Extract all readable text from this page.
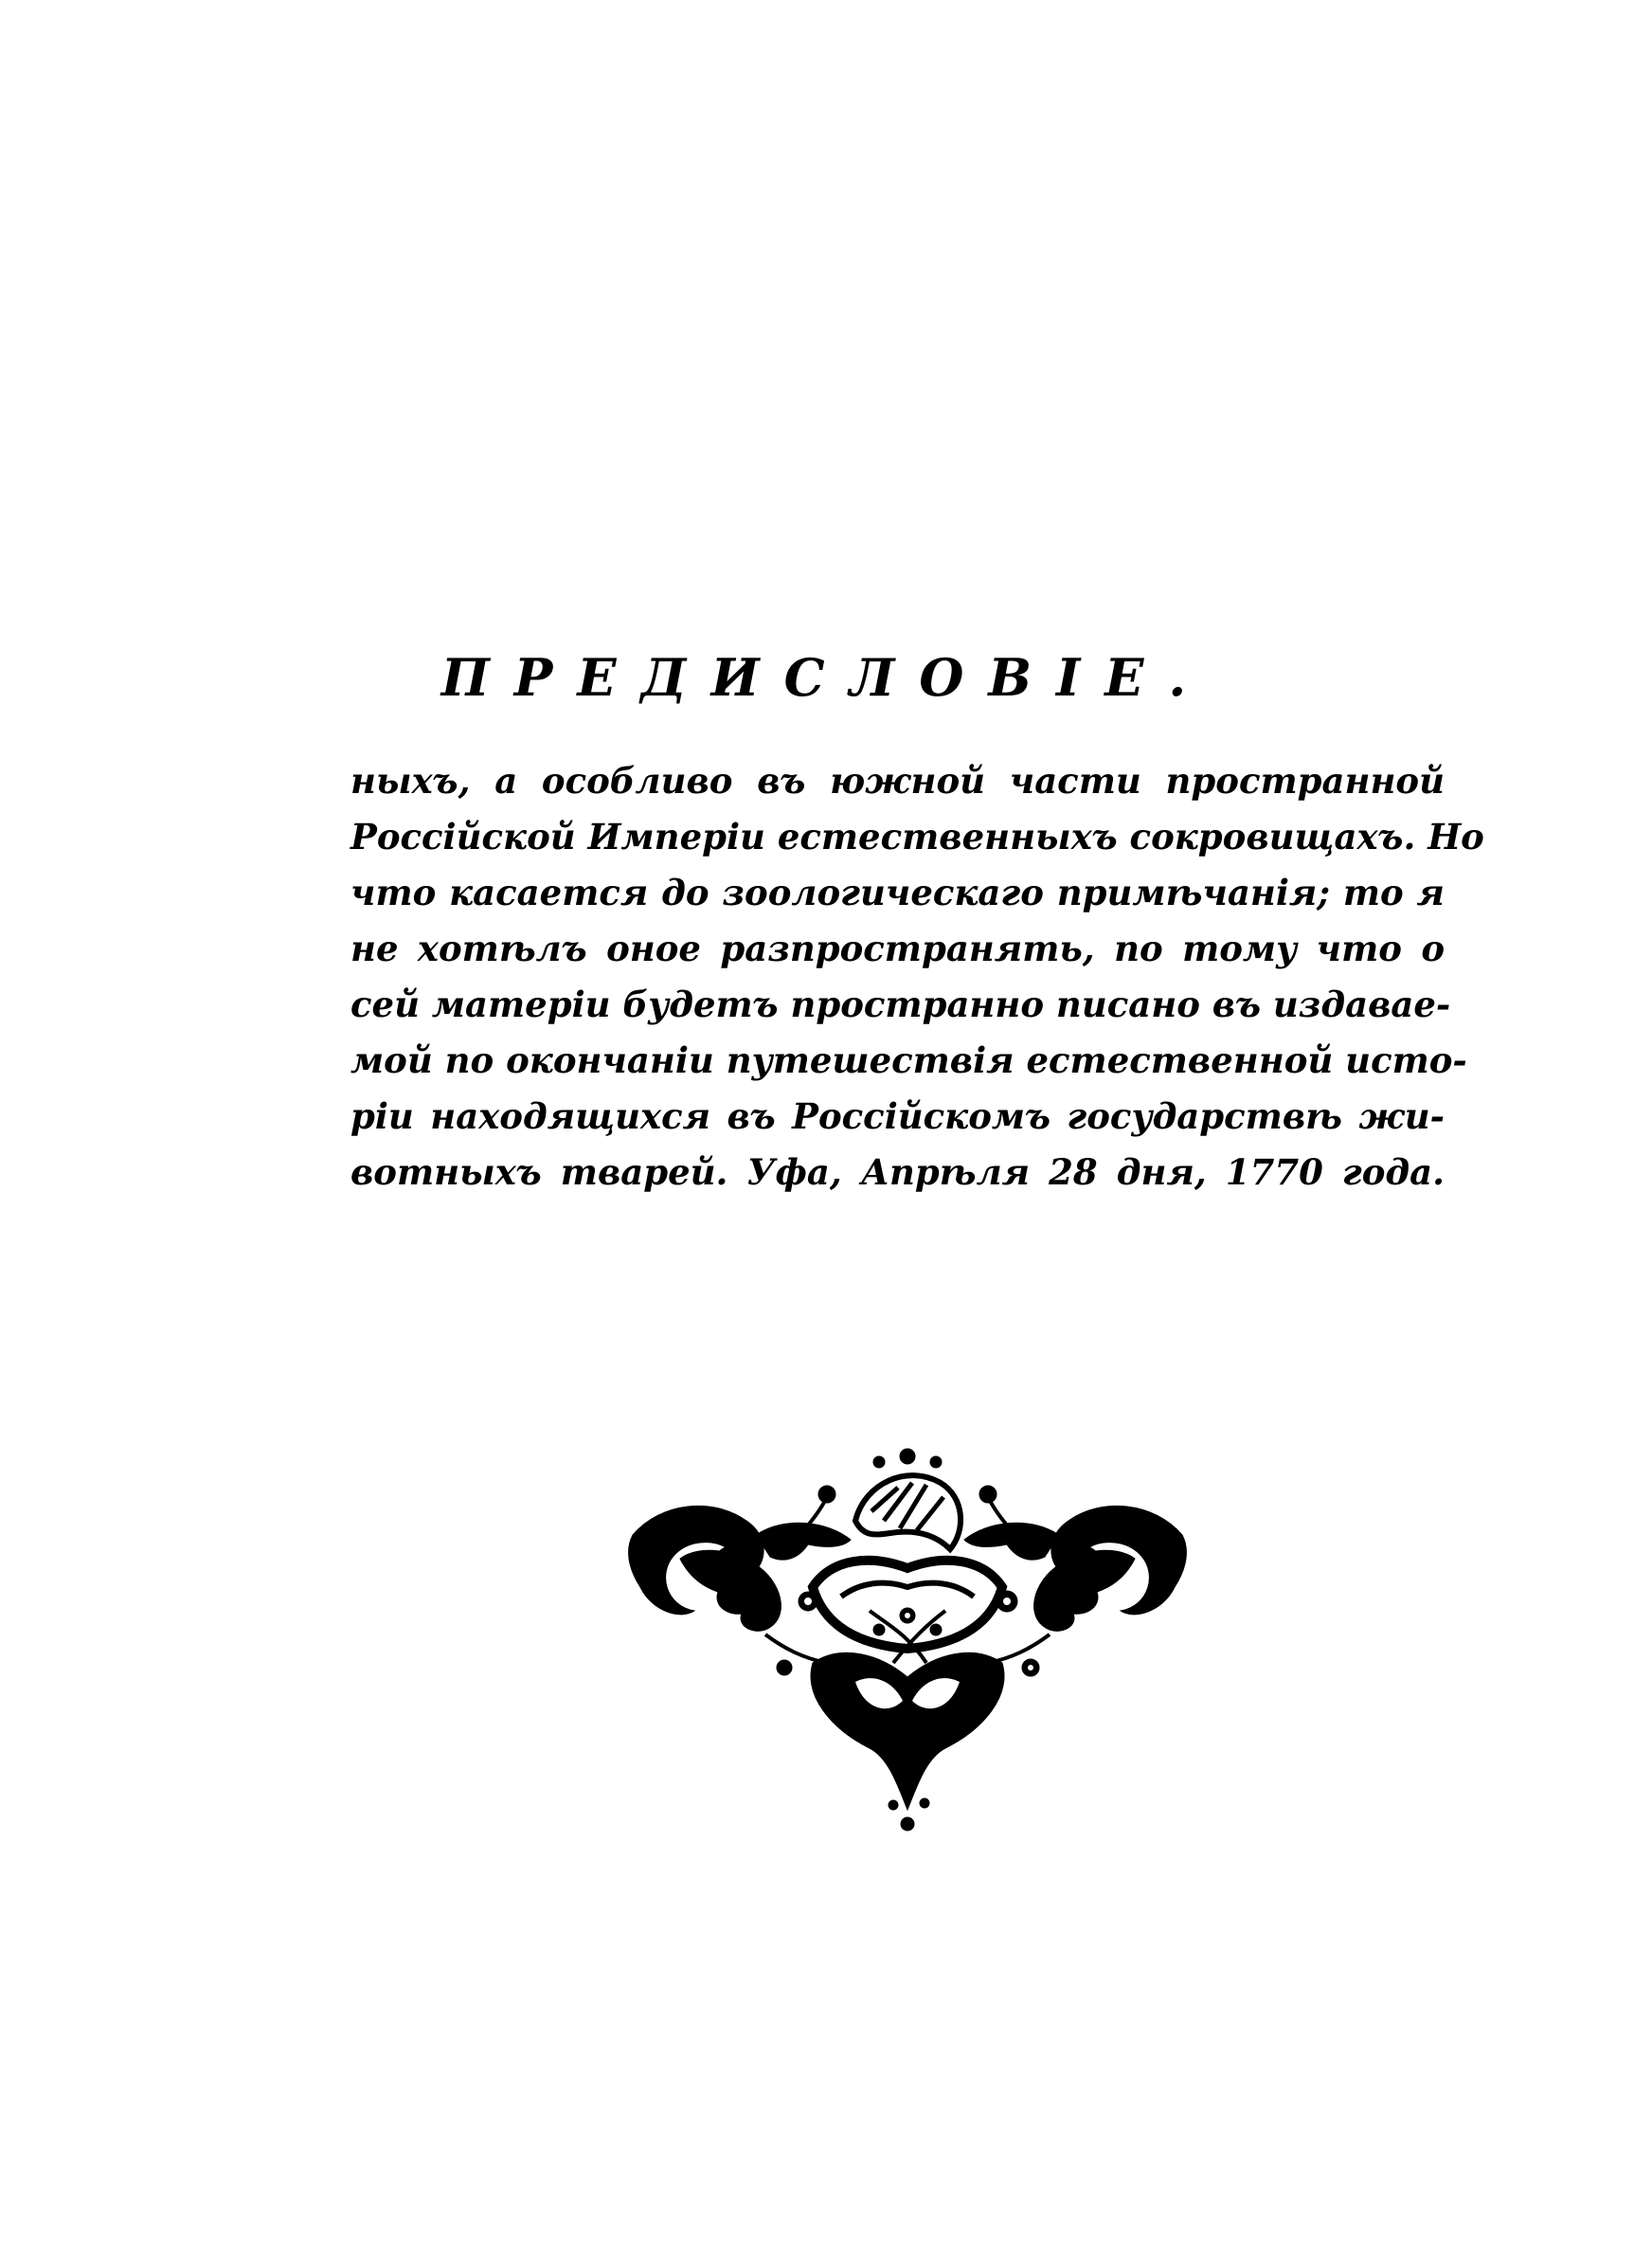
ПРЕДИСЛОВІЕ.
ныхъ, а особливо въ южной части пространной
Россійской Имперіи естественныхъ сокровищахъ. Но
что касается до зоологическаго примѣчанія; то я
не хотѣлъ оное разпространять, по тому что о
сей матеріи будетъ пространно писано въ издавае-
мой по окончаніи путешествія естественной исто-
ріи находящихся въ Россійскомъ государствѣ жи-
вотныхъ тварей. Уфа, Апрѣля 28 дня, 1770 года.
